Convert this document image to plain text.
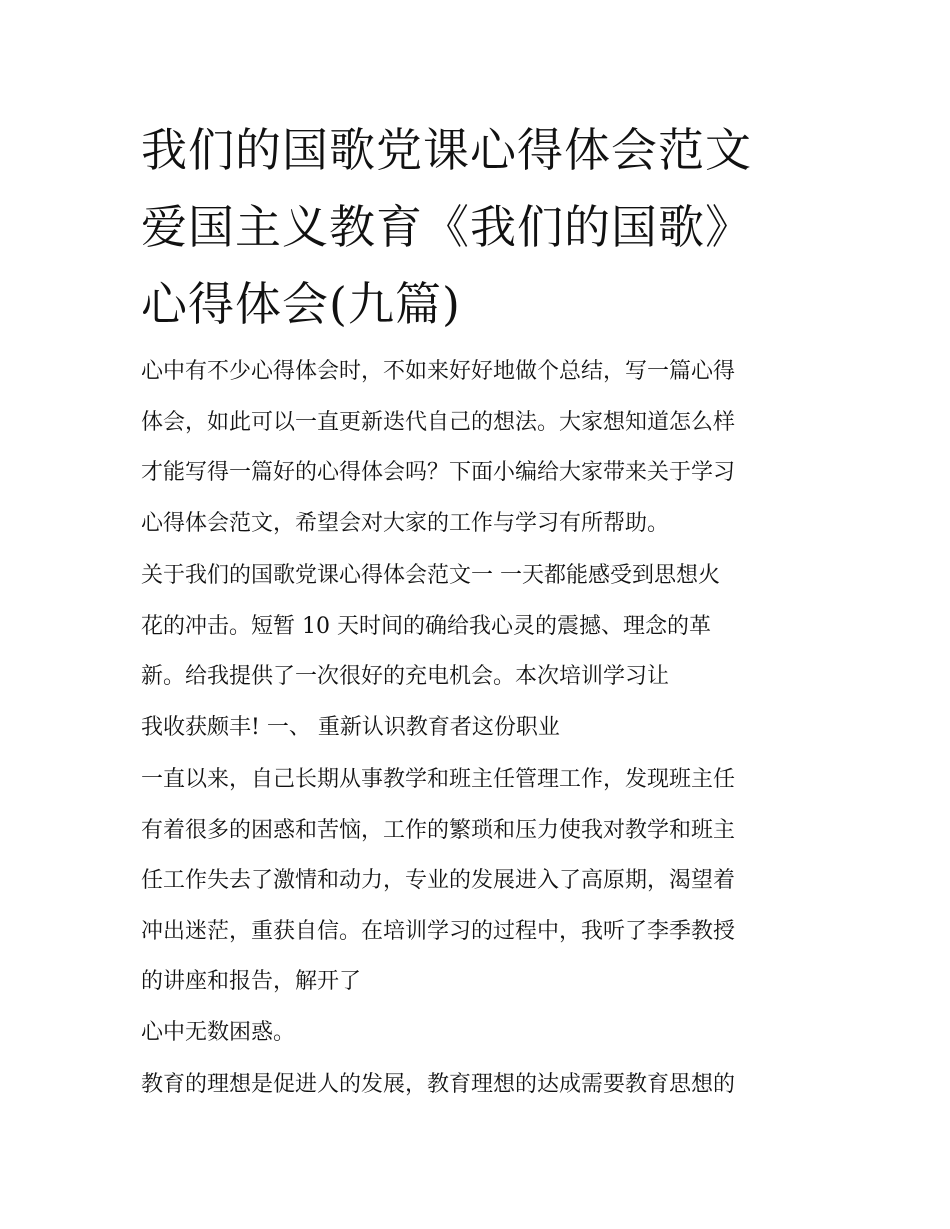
我们的国歌党课心得体会范文
爱国主义教育《我们的国歌》
心得体会(九篇)

心中有不少心得体会时，不如来好好地做个总结，写一篇心得
体会，如此可以一直更新迭代自己的想法。大家想知道怎么样
才能写得一篇好的心得体会吗？下面小编给大家带来关于学习
心得体会范文，希望会对大家的工作与学习有所帮助。

关于我们的国歌党课心得体会范文一 一天都能感受到思想火
花的冲击。短暂 10 天时间的确给我心灵的震撼、理念的革
新。给我提供了一次很好的充电机会。本次培训学习让
我收获颇丰! 一、 重新认识教育者这份职业

一直以来，自己长期从事教学和班主任管理工作，发现班主任
有着很多的困惑和苦恼，工作的繁琐和压力使我对教学和班主
任工作失去了激情和动力，专业的发展进入了高原期，渴望着
冲出迷茫，重获自信。在培训学习的过程中，我听了李季教授
的讲座和报告，解开了
心中无数困惑。

教育的理想是促进人的发展，教育理想的达成需要教育思想的
